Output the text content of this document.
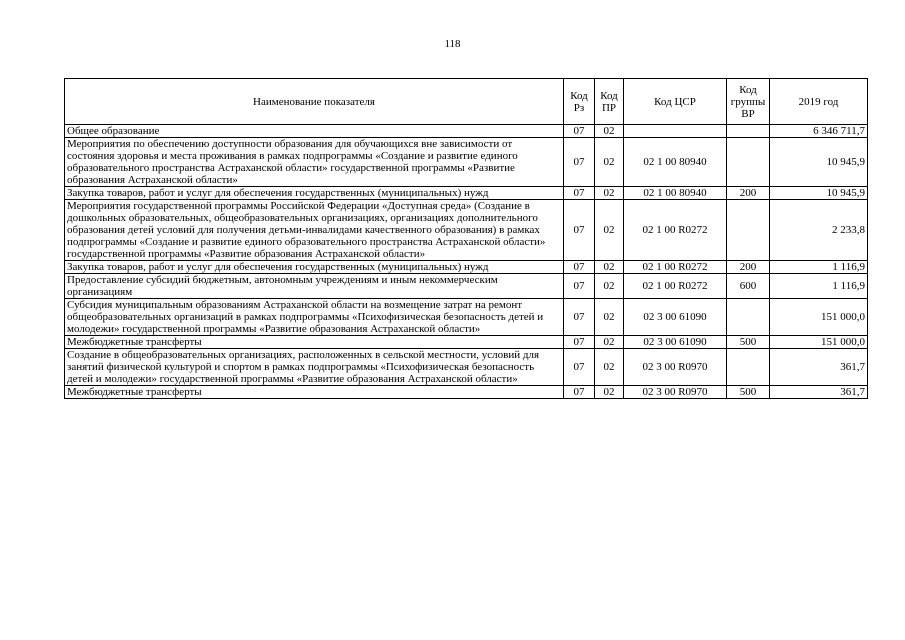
118
Наименование показателя	Код Рз	Код ПР	Код ЦСР	Код группы ВР	2019 год
Общее образование	07	02			6 346 711,7
Мероприятия по обеспечению доступности образования для обучающихся вне зависимости от состояния здоровья и места проживания в рамках подпрограммы «Создание и развитие единого образовательного пространства Астраханской области» государственной программы «Развитие образования Астраханской области»	07	02	02 1 00 80940		10 945,9
Закупка товаров, работ и услуг для обеспечения государственных (муниципальных) нужд	07	02	02 1 00 80940	200	10 945,9
Мероприятия государственной программы Российской Федерации «Доступная среда» (Создание в дошкольных образовательных, общеобразовательных организациях, организациях дополнительного образования детей условий для получения детьми-инвалидами качественного образования) в рамках подпрограммы «Создание и развитие единого образовательного пространства Астраханской области» государственной программы «Развитие образования Астраханской области»	07	02	02 1 00 R0272		2 233,8
Закупка товаров, работ и услуг для обеспечения государственных (муниципальных) нужд	07	02	02 1 00 R0272	200	1 116,9
Предоставление субсидий бюджетным, автономным учреждениям и иным некоммерческим организациям	07	02	02 1 00 R0272	600	1 116,9
Субсидия муниципальным образованиям Астраханской области на возмещение затрат на ремонт общеобразовательных организаций в рамках подпрограммы «Психофизическая безопасность детей и молодежи» государственной программы «Развитие образования Астраханской области»	07	02	02 3 00 61090		151 000,0
Межбюджетные трансферты	07	02	02 3 00 61090	500	151 000,0
Создание в общеобразовательных организациях, расположенных в сельской местности, условий для занятий физической культурой и спортом в рамках подпрограммы «Психофизическая безопасность детей и молодежи» государственной программы «Развитие образования Астраханской области»	07	02	02 3 00 R0970		361,7
Межбюджетные трансферты	07	02	02 3 00 R0970	500	361,7
